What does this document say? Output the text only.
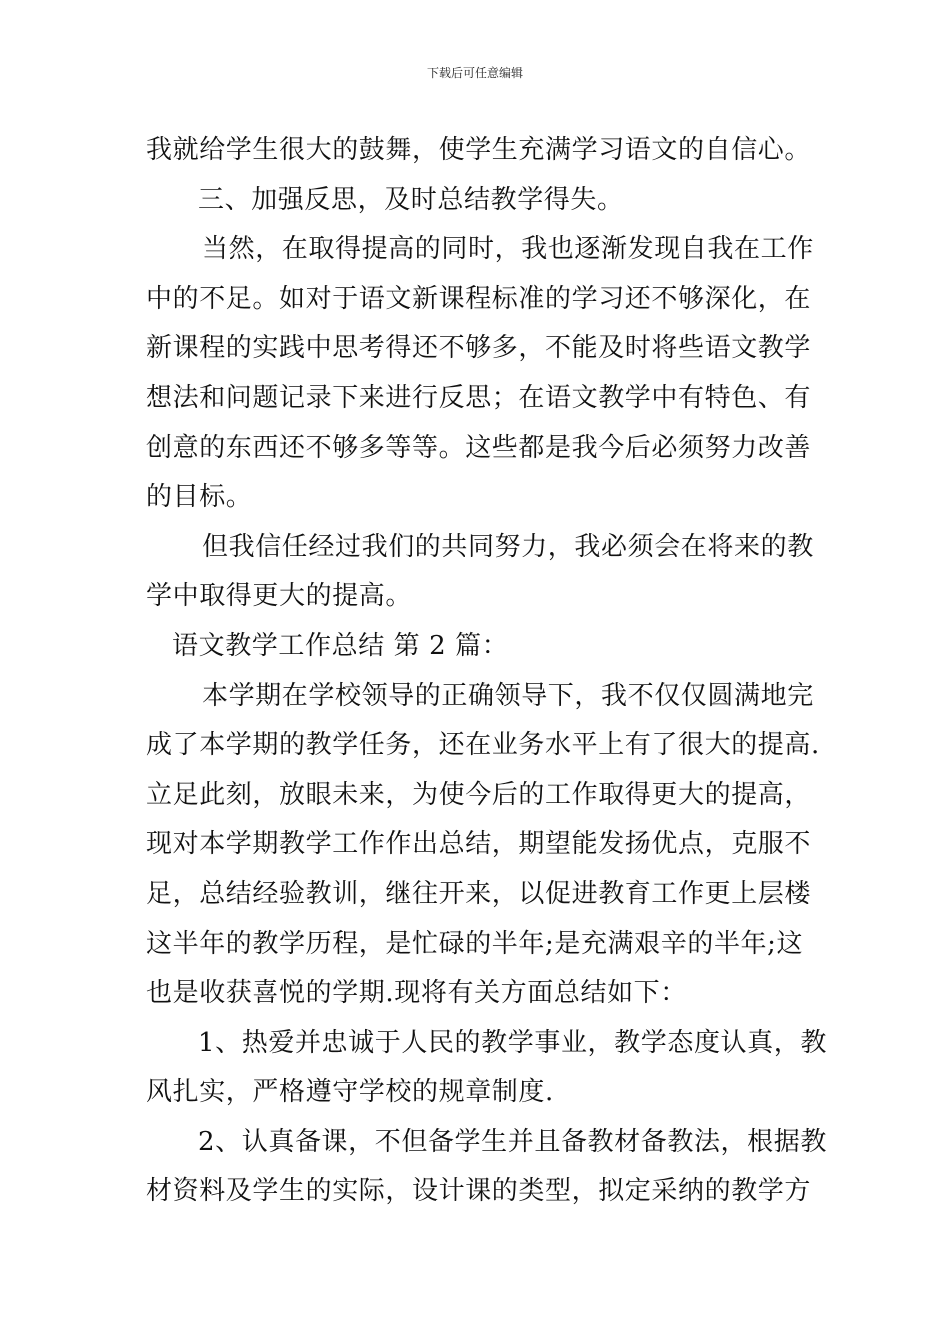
下载后可任意编辑
我就给学生很大的鼓舞，使学生充满学习语文的自信心。
三、加强反思，及时总结教学得失。
当然，在取得提高的同时，我也逐渐发现自我在工作
中的不足。如对于语文新课程标准的学习还不够深化，在
新课程的实践中思考得还不够多，不能及时将些语文教学
想法和问题记录下来进行反思；在语文教学中有特色、有
创意的东西还不够多等等。这些都是我今后必须努力改善
的目标。
但我信任经过我们的共同努力，我必须会在将来的教
学中取得更大的提高。
语文教学工作总结 第 2 篇：
本学期在学校领导的正确领导下，我不仅仅圆满地完
成了本学期的教学任务，还在业务水平上有了很大的提高.
立足此刻，放眼未来，为使今后的工作取得更大的提高，
现对本学期教学工作作出总结，期望能发扬优点，克服不
足，总结经验教训，继往开来，以促进教育工作更上层楼
这半年的教学历程，是忙碌的半年;是充满艰辛的半年;这
也是收获喜悦的学期.现将有关方面总结如下：
1、热爱并忠诚于人民的教学事业，教学态度认真，教
风扎实，严格遵守学校的规章制度.
2、认真备课，不但备学生并且备教材备教法，根据教
材资料及学生的实际，设计课的类型，拟定采纳的教学方
